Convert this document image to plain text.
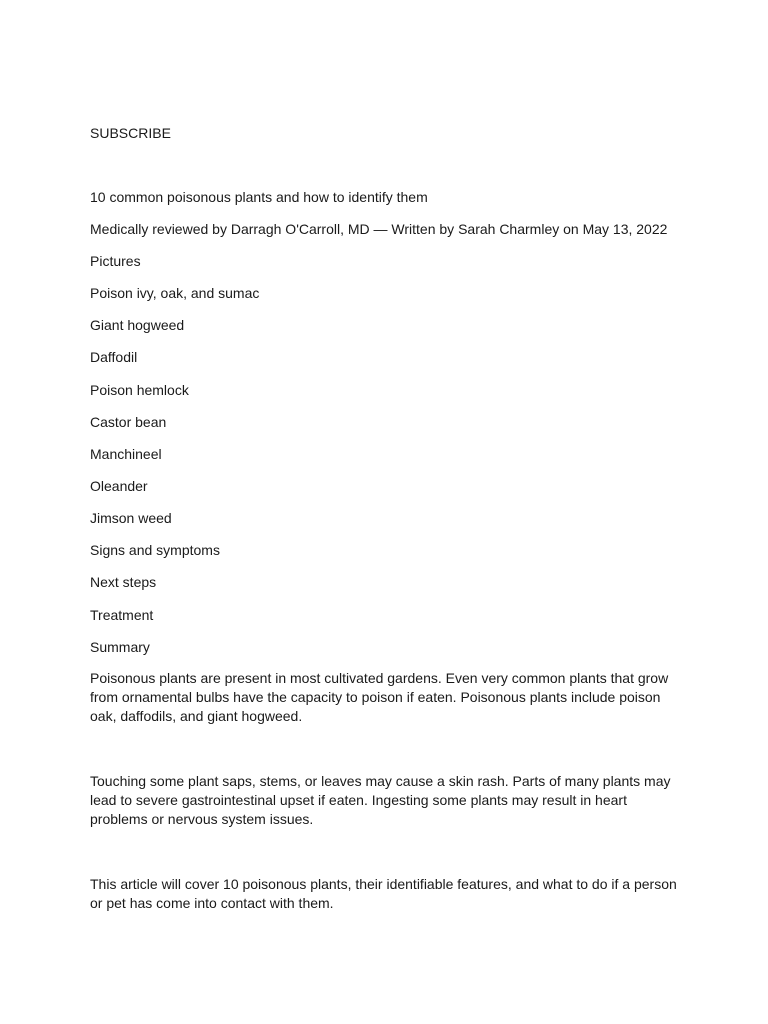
SUBSCRIBE
10 common poisonous plants and how to identify them
Medically reviewed by Darragh O'Carroll, MD — Written by Sarah Charmley on May 13, 2022
Pictures
Poison ivy, oak, and sumac
Giant hogweed
Daffodil
Poison hemlock
Castor bean
Manchineel
Oleander
Jimson weed
Signs and symptoms
Next steps
Treatment
Summary

Poisonous plants are present in most cultivated gardens. Even very common plants that grow from ornamental bulbs have the capacity to poison if eaten. Poisonous plants include poison oak, daffodils, and giant hogweed.

Touching some plant saps, stems, or leaves may cause a skin rash. Parts of many plants may lead to severe gastrointestinal upset if eaten. Ingesting some plants may result in heart problems or nervous system issues.

This article will cover 10 poisonous plants, their identifiable features, and what to do if a person or pet has come into contact with them.
